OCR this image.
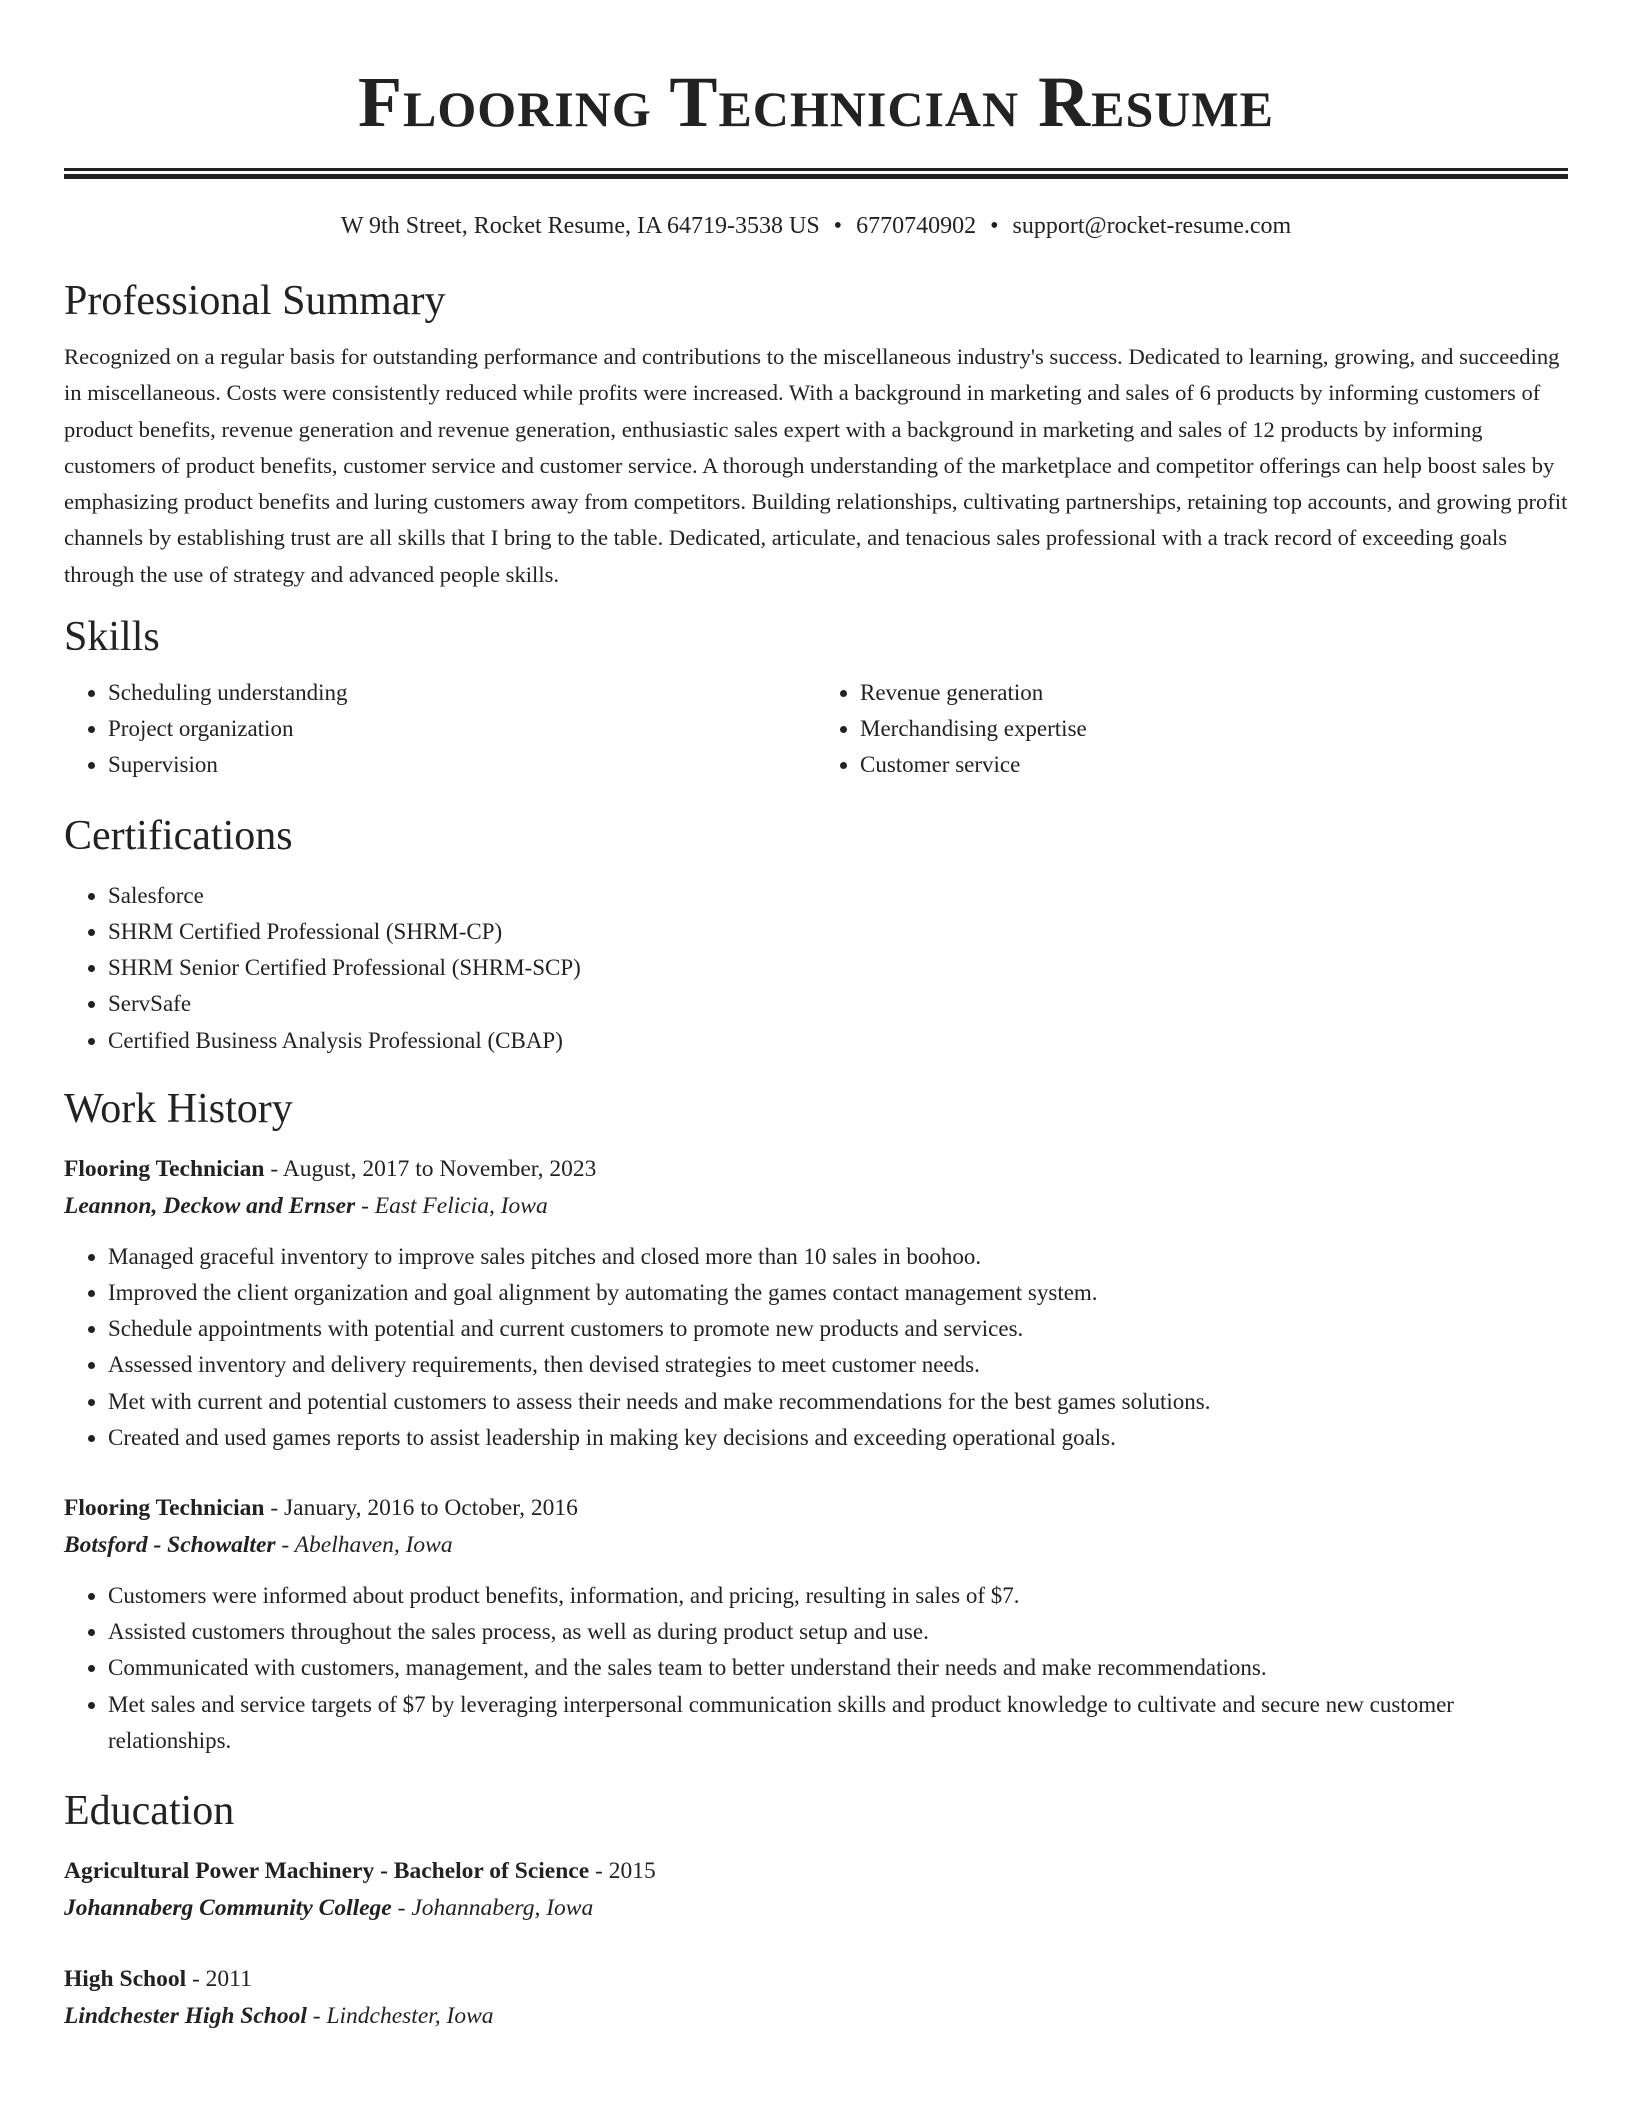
Flooring Technician Resume
W 9th Street, Rocket Resume, IA 64719-3538 US • 6770740902 • support@rocket-resume.com
Professional Summary

Recognized on a regular basis for outstanding performance and contributions to the miscellaneous industry's success. Dedicated to learning, growing, and succeeding in miscellaneous. Costs were consistently reduced while profits were increased. With a background in marketing and sales of 6 products by informing customers of product benefits, revenue generation and revenue generation, enthusiastic sales expert with a background in marketing and sales of 12 products by informing customers of product benefits, customer service and customer service. A thorough understanding of the marketplace and competitor offerings can help boost sales by emphasizing product benefits and luring customers away from competitors. Building relationships, cultivating partnerships, retaining top accounts, and growing profit channels by establishing trust are all skills that I bring to the table. Dedicated, articulate, and tenacious sales professional with a track record of exceeding goals through the use of strategy and advanced people skills.

Skills
• Scheduling understanding
• Project organization
• Supervision
• Revenue generation
• Merchandising expertise
• Customer service
Certifications
• Salesforce
• SHRM Certified Professional (SHRM-CP)
• SHRM Senior Certified Professional (SHRM-SCP)
• ServSafe
• Certified Business Analysis Professional (CBAP)
Work History
Flooring Technician - August, 2017 to November, 2023
Leannon, Deckow and Ernser - East Felicia, Iowa
• Managed graceful inventory to improve sales pitches and closed more than 10 sales in boohoo.
• Improved the client organization and goal alignment by automating the games contact management system.
• Schedule appointments with potential and current customers to promote new products and services.
• Assessed inventory and delivery requirements, then devised strategies to meet customer needs.
• Met with current and potential customers to assess their needs and make recommendations for the best games solutions.
• Created and used games reports to assist leadership in making key decisions and exceeding operational goals.
Flooring Technician - January, 2016 to October, 2016
Botsford - Schowalter - Abelhaven, Iowa
• Customers were informed about product benefits, information, and pricing, resulting in sales of $7.
• Assisted customers throughout the sales process, as well as during product setup and use.
• Communicated with customers, management, and the sales team to better understand their needs and make recommendations.
• Met sales and service targets of $7 by leveraging interpersonal communication skills and product knowledge to cultivate and secure new customer relationships.
Education
Agricultural Power Machinery - Bachelor of Science - 2015
Johannaberg Community College - Johannaberg, Iowa
High School - 2011
Lindchester High School - Lindchester, Iowa
